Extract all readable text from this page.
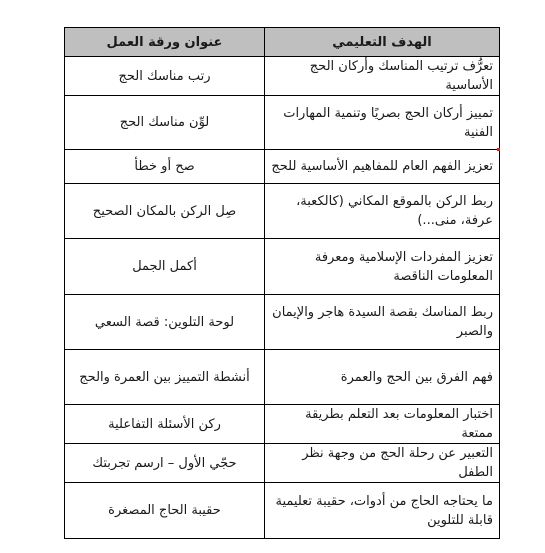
الهدف التعليمي	عنوان ورقة العمل
تعرُّف ترتيب المناسك وأركان الحج الأساسية	رتب مناسك الحج
تمييز أركان الحج بصريًا وتنمية المهارات الفنية	لوِّن مناسك الحج
تعزيز الفهم العام للمفاهيم الأساسية للحج	صح أو خطأ
ربط الركن بالموقع المكاني (كالكعبة، عرفة، منى...)	صِل الركن بالمكان الصحيح
تعزيز المفردات الإسلامية ومعرفة المعلومات الناقصة	أكمل الجمل
ربط المناسك بقصة السيدة هاجر والإيمان والصبر	لوحة التلوين: قصة السعي
فهم الفرق بين الحج والعمرة	أنشطة التمييز بين العمرة والحج
اختبار المعلومات بعد التعلم بطريقة ممتعة	ركن الأسئلة التفاعلية
التعبير عن رحلة الحج من وجهة نظر الطفل	حجّي الأول – ارسم تجربتك
ما يحتاجه الحاج من أدوات، حقيبة تعليمية قابلة للتلوين	حقيبة الحاج المصغرة
